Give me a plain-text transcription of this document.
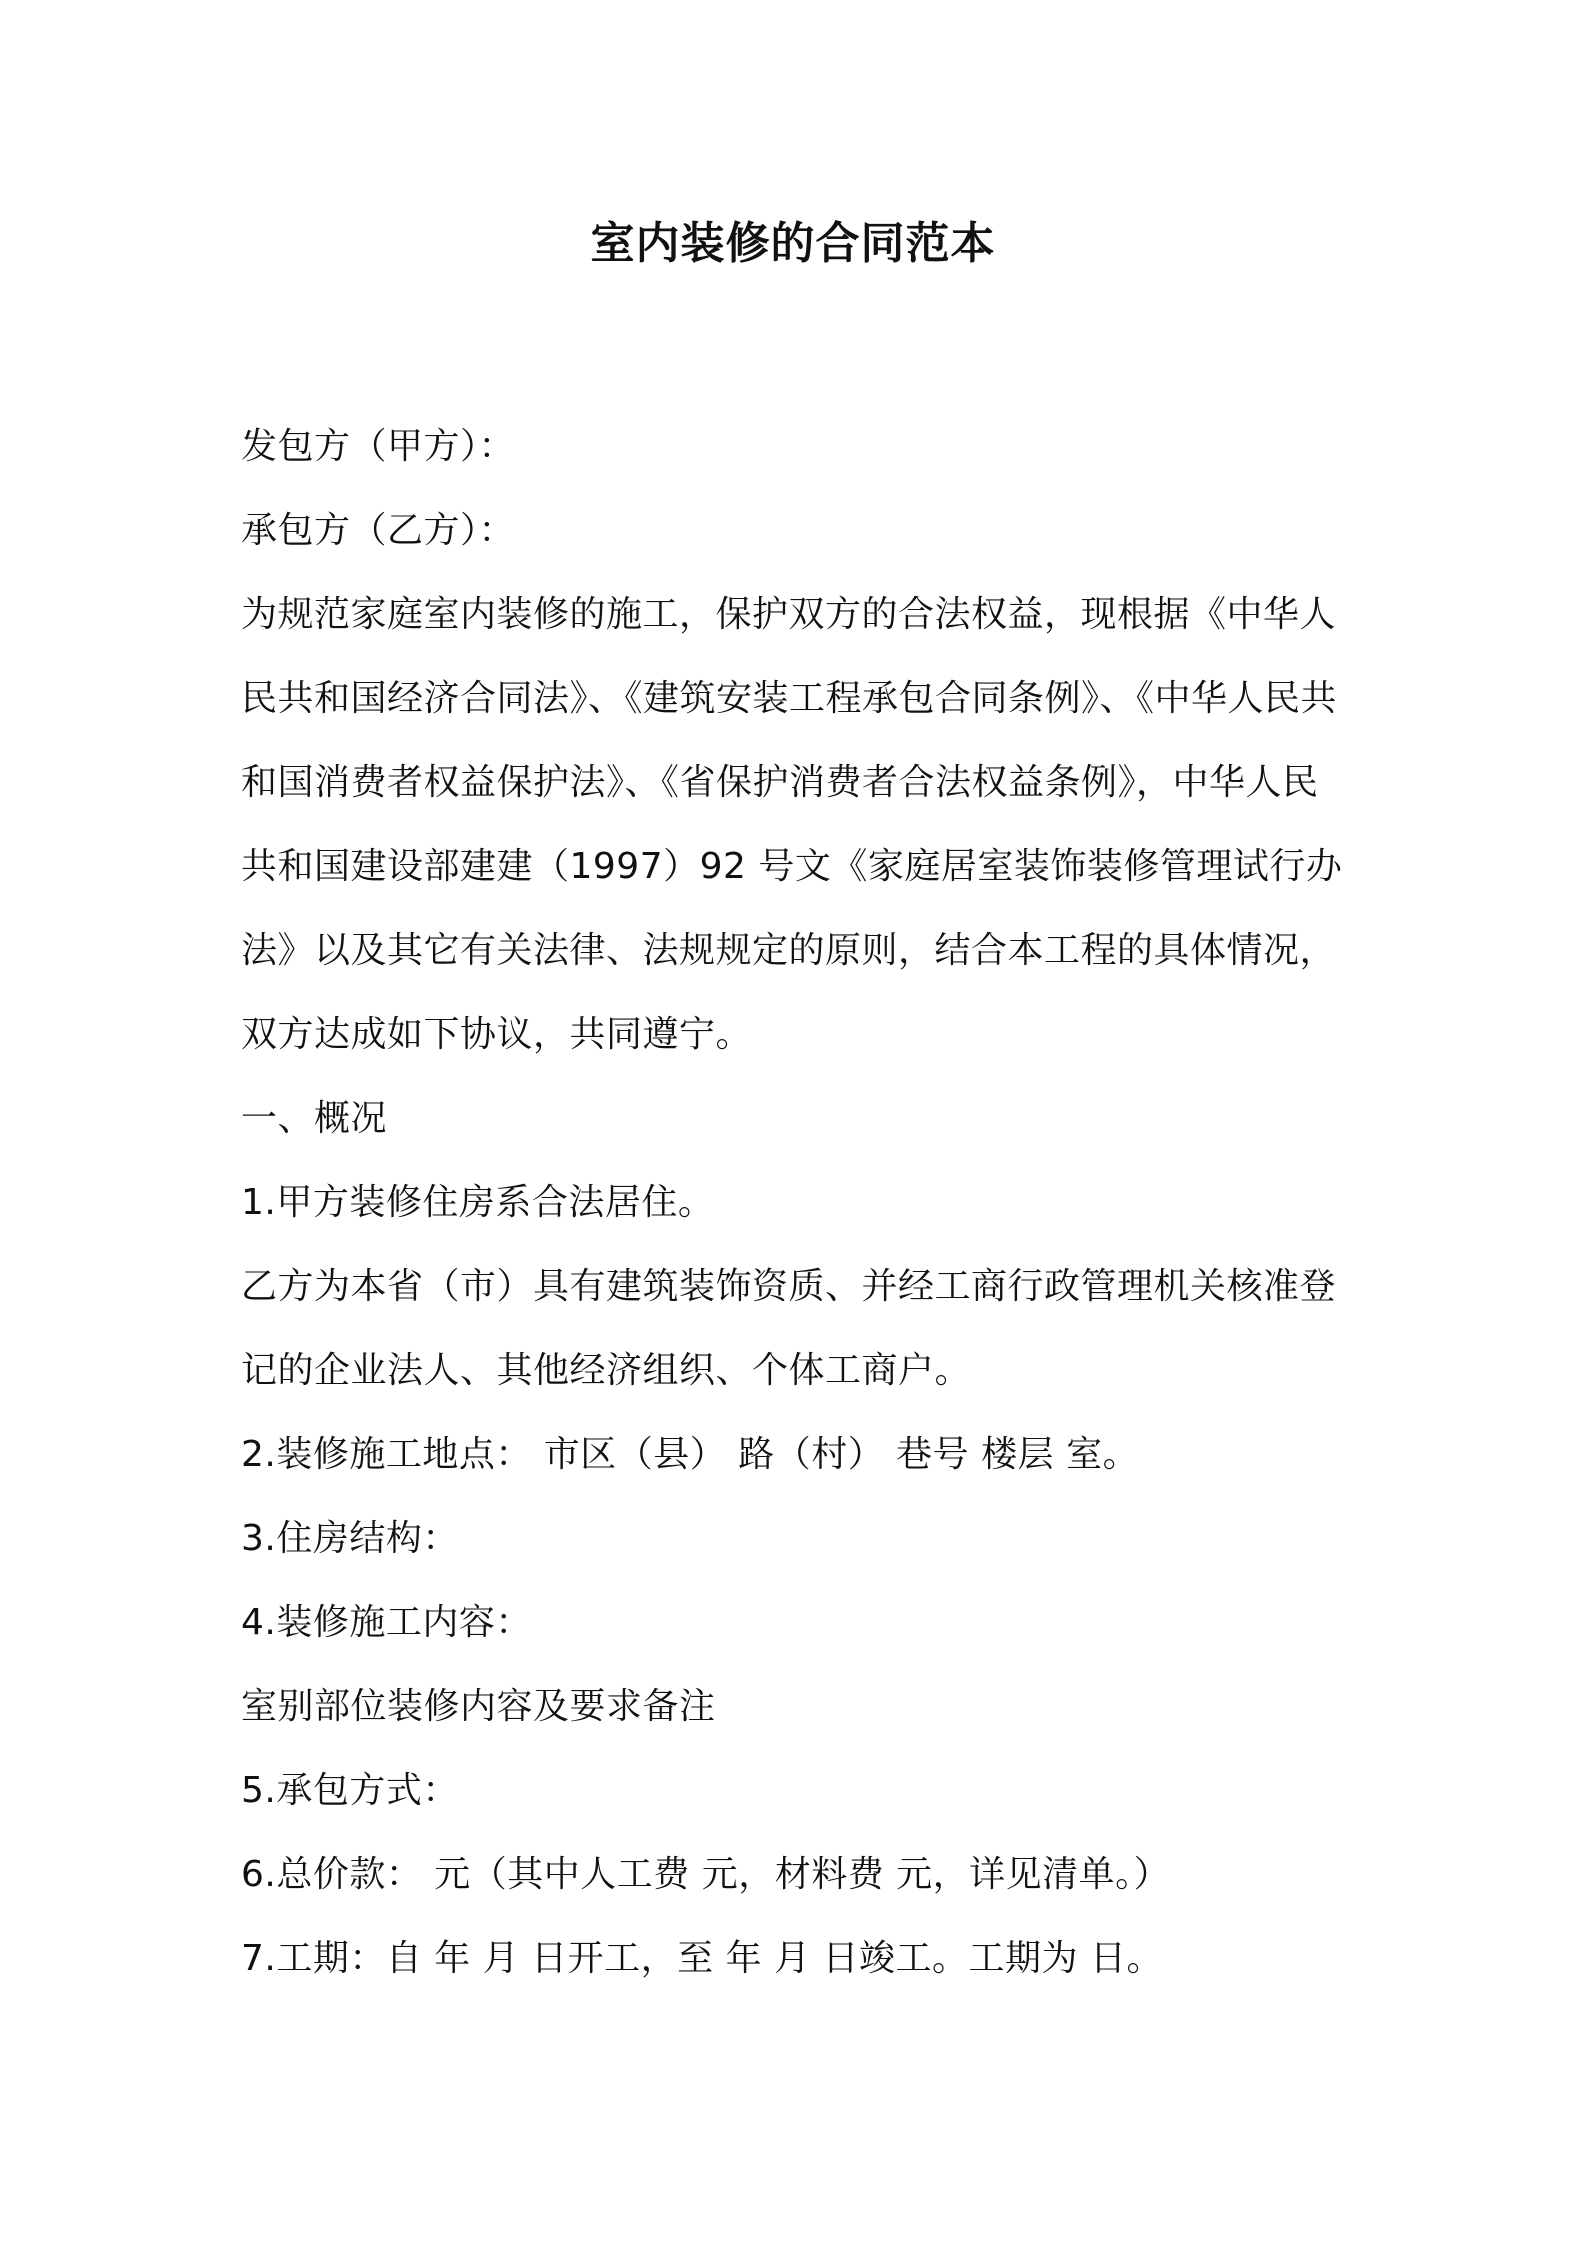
室内装修的合同范本

发包方（甲方）：

承包方（乙方）：

为规范家庭室内装修的施工，保护双方的合法权益，现根据《中华人

民共和国经济合同法》、《建筑安装工程承包合同条例》、《中华人民共

和国消费者权益保护法》、《省保护消费者合法权益条例》，中华人民

共和国建设部建建（1997）92 号文《家庭居室装饰装修管理试行办

法》以及其它有关法律、法规规定的原则，结合本工程的具体情况，

双方达成如下协议，共同遵宁。

一、概况

1.甲方装修住房系合法居住。

乙方为本省（市）具有建筑装饰资质、并经工商行政管理机关核准登

记的企业法人、其他经济组织、个体工商户。

2.装修施工地点： 市区（县） 路（村） 巷号 楼层 室。

3.住房结构：

4.装修施工内容：

室别部位装修内容及要求备注

5.承包方式：

6.总价款： 元（其中人工费 元，材料费 元，详见清单。）

7.工期：自 年 月 日开工，至 年 月 日竣工。工期为 日。
